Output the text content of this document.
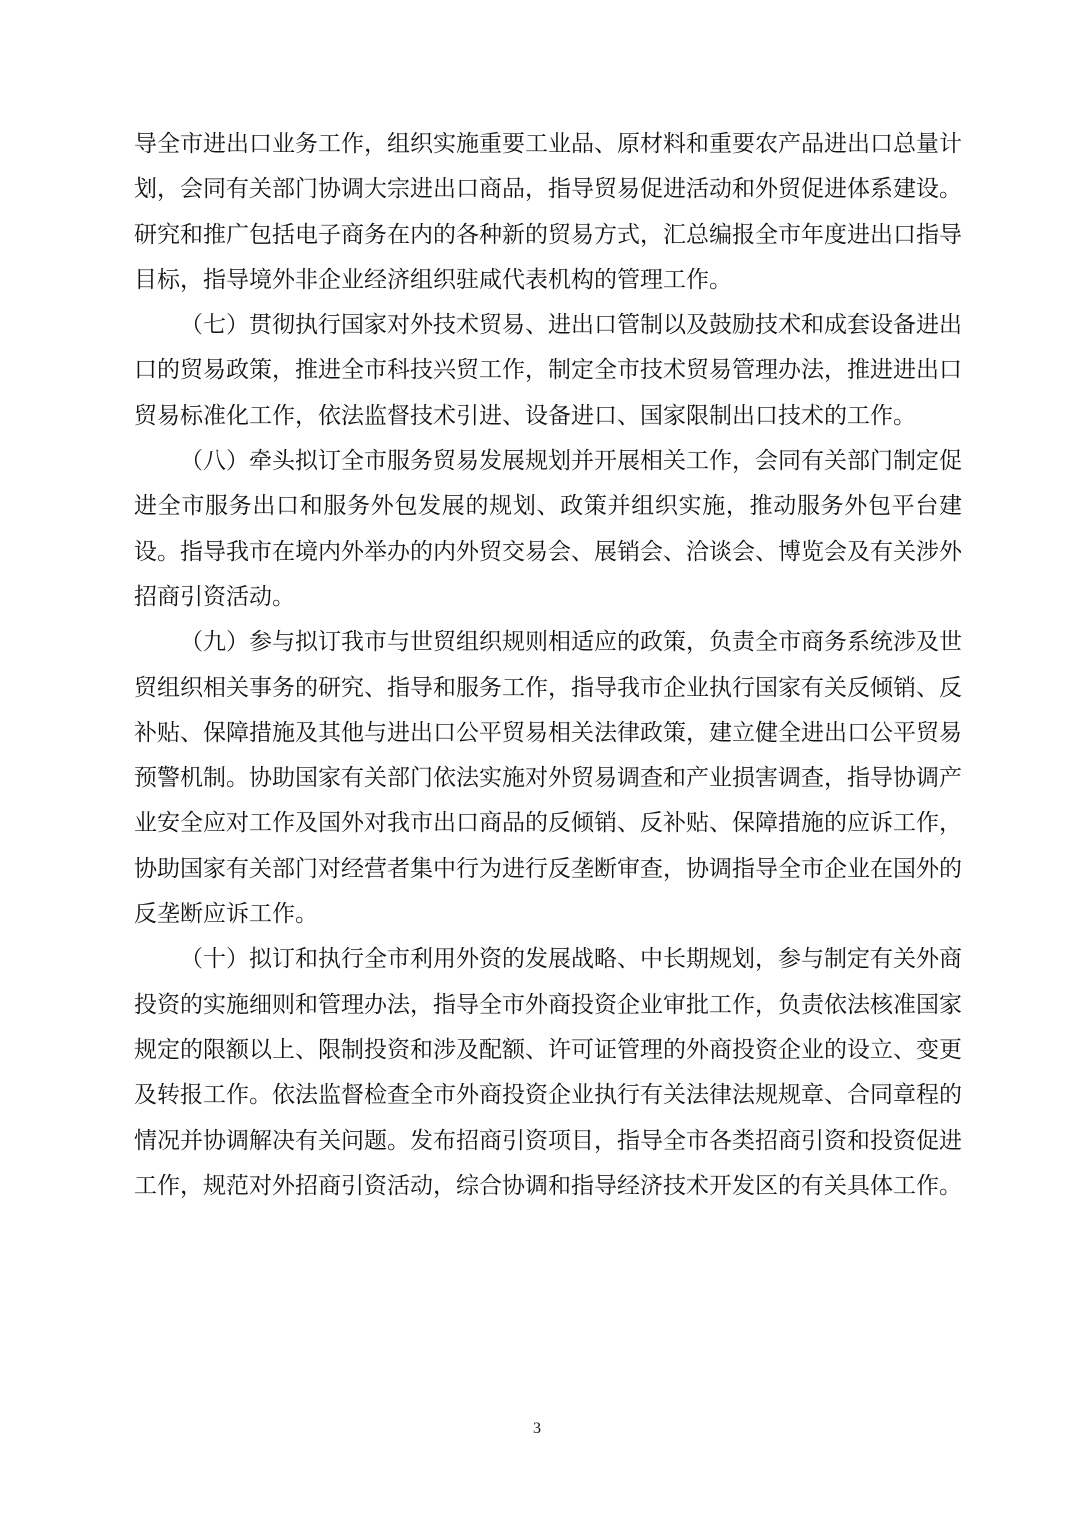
导全市进出口业务工作，组织实施重要工业品、原材料和重要农产品进出口总量计划，会同有关部门协调大宗进出口商品，指导贸易促进活动和外贸促进体系建设。研究和推广包括电子商务在内的各种新的贸易方式，汇总编报全市年度进出口指导目标，指导境外非企业经济组织驻咸代表机构的管理工作。

（七）贯彻执行国家对外技术贸易、进出口管制以及鼓励技术和成套设备进出口的贸易政策，推进全市科技兴贸工作，制定全市技术贸易管理办法，推进进出口贸易标准化工作，依法监督技术引进、设备进口、国家限制出口技术的工作。

（八）牵头拟订全市服务贸易发展规划并开展相关工作，会同有关部门制定促进全市服务出口和服务外包发展的规划、政策并组织实施，推动服务外包平台建设。指导我市在境内外举办的内外贸交易会、展销会、洽谈会、博览会及有关涉外招商引资活动。

（九）参与拟订我市与世贸组织规则相适应的政策，负责全市商务系统涉及世贸组织相关事务的研究、指导和服务工作，指导我市企业执行国家有关反倾销、反补贴、保障措施及其他与进出口公平贸易相关法律政策，建立健全进出口公平贸易预警机制。协助国家有关部门依法实施对外贸易调查和产业损害调查，指导协调产业安全应对工作及国外对我市出口商品的反倾销、反补贴、保障措施的应诉工作，协助国家有关部门对经营者集中行为进行反垄断审查，协调指导全市企业在国外的反垄断应诉工作。

（十）拟订和执行全市利用外资的发展战略、中长期规划，参与制定有关外商投资的实施细则和管理办法，指导全市外商投资企业审批工作，负责依法核准国家规定的限额以上、限制投资和涉及配额、许可证管理的外商投资企业的设立、变更及转报工作。依法监督检查全市外商投资企业执行有关法律法规规章、合同章程的情况并协调解决有关问题。发布招商引资项目，指导全市各类招商引资和投资促进工作，规范对外招商引资活动，综合协调和指导经济技术开发区的有关具体工作。

3
